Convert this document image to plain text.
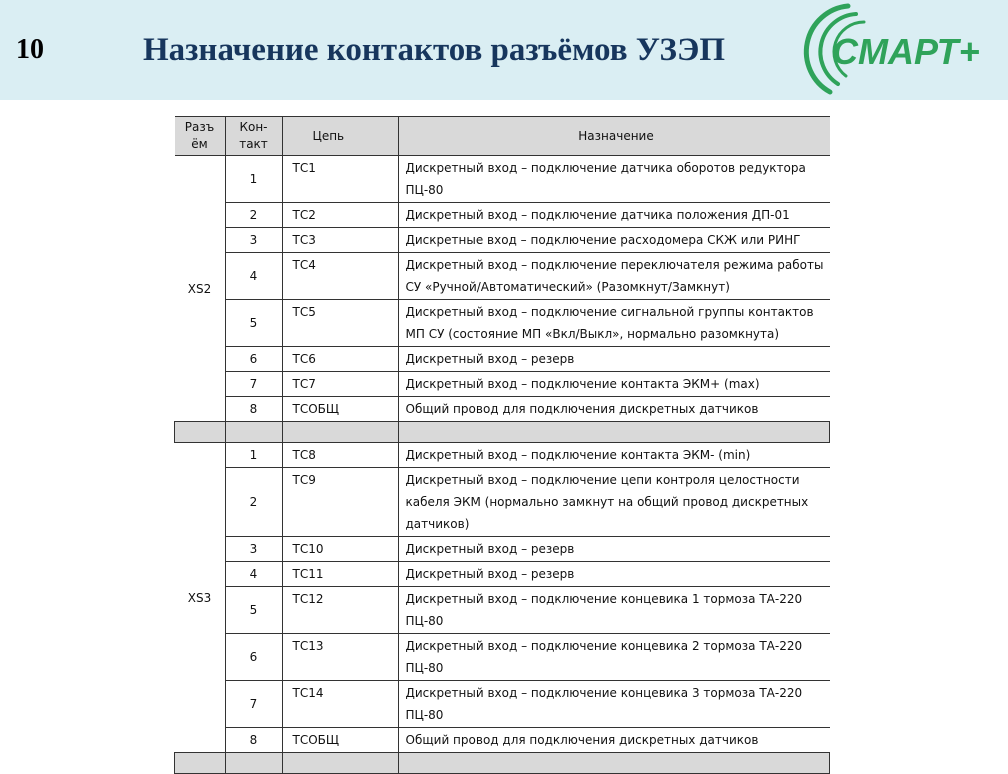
10	Назначение контактов разъёмов УЗЭП	СМАРТ+
Разъ ём	Кон- такт	Цепь	Назначение
XS2	1	ТС1	Дискретный вход – подключение датчика оборотов редуктора ПЦ-80
	2	ТС2	Дискретный вход – подключение датчика положения ДП-01
	3	ТС3	Дискретные вход – подключение расходомера СКЖ или РИНГ
	4	ТС4	Дискретный вход – подключение переключателя режима работы СУ «Ручной/Автоматический» (Разомкнут/Замкнут)
	5	ТС5	Дискретный вход – подключение сигнальной группы контактов МП СУ (состояние МП «Вкл/Выкл», нормально разомкнута)
	6	ТС6	Дискретный вход – резерв
	7	ТС7	Дискретный вход – подключение контакта ЭКМ+ (max)
	8	ТСОБЩ	Общий провод для подключения дискретных датчиков

XS3	1	ТС8	Дискретный вход – подключение контакта ЭКМ- (min)
	2	ТС9	Дискретный вход – подключение цепи контроля целостности кабеля ЭКМ (нормально замкнут на общий провод дискретных датчиков)
	3	ТС10	Дискретный вход – резерв
	4	ТС11	Дискретный вход – резерв
	5	ТС12	Дискретный вход – подключение концевика 1 тормоза ТА-220 ПЦ-80
	6	ТС13	Дискретный вход – подключение концевика 2 тормоза ТА-220 ПЦ-80
	7	ТС14	Дискретный вход – подключение концевика 3 тормоза ТА-220 ПЦ-80
	8	ТСОБЩ	Общий провод для подключения дискретных датчиков
